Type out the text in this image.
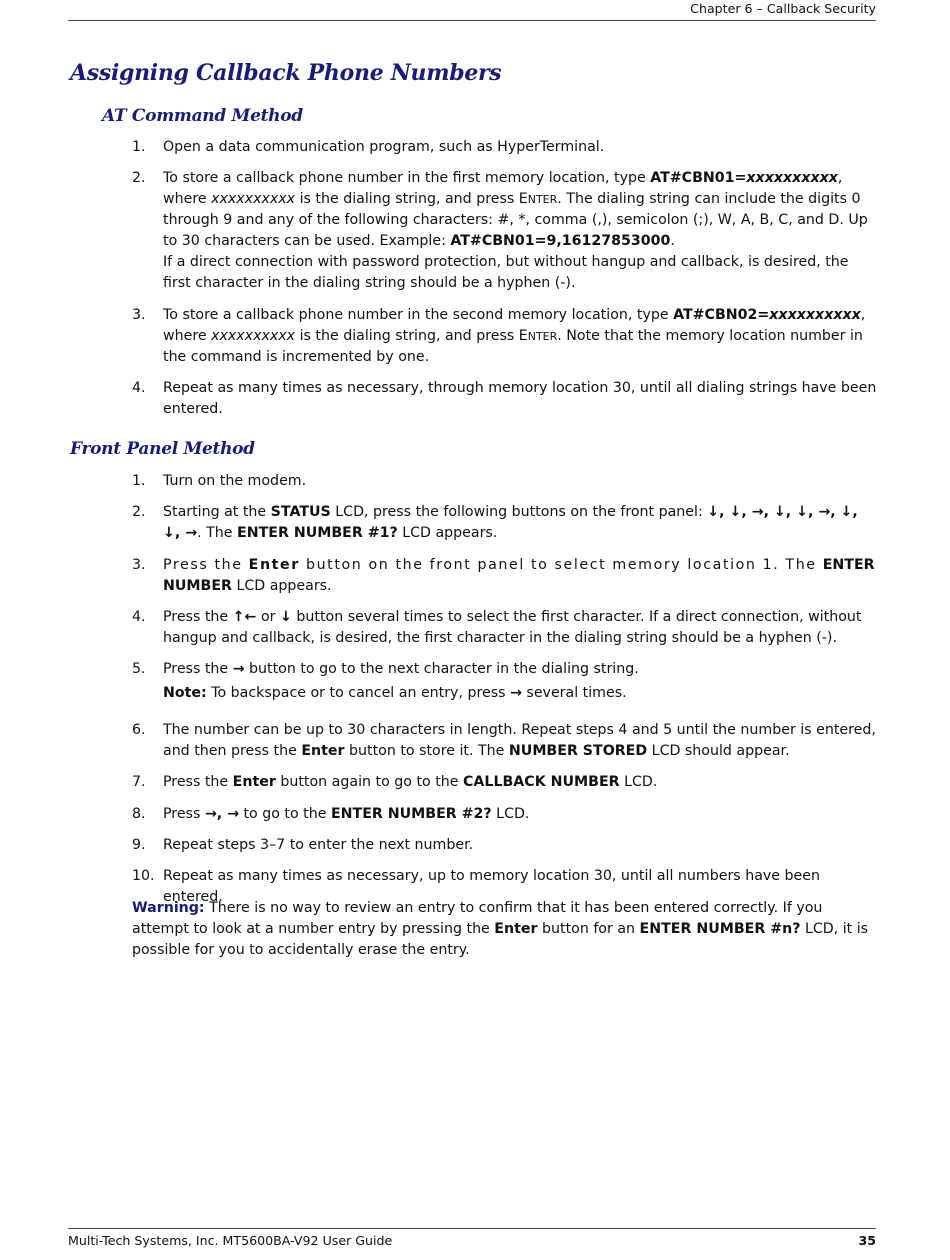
Chapter 6 – Callback Security
Assigning Callback Phone Numbers
AT Command Method
1. Open a data communication program, such as HyperTerminal.
2. To store a callback phone number in the first memory location, type AT#CBN01=xxxxxxxxxx, where xxxxxxxxxx is the dialing string, and press ENTER. The dialing string can include the digits 0 through 9 and any of the following characters: #, *, comma (,), semicolon (;), W, A, B, C, and D. Up to 30 characters can be used. Example: AT#CBN01=9,16127853000.
If a direct connection with password protection, but without hangup and callback, is desired, the first character in the dialing string should be a hyphen (-).
3. To store a callback phone number in the second memory location, type AT#CBN02=xxxxxxxxxx, where xxxxxxxxxx is the dialing string, and press ENTER. Note that the memory location number in the command is incremented by one.
4. Repeat as many times as necessary, through memory location 30, until all dialing strings have been entered.
Front Panel Method
1. Turn on the modem.
2. Starting at the STATUS LCD, press the following buttons on the front panel: ↓, ↓, →, ↓, ↓, →, ↓, ↓, →. The ENTER NUMBER #1? LCD appears.
3. Press the Enter button on the front panel to select memory location 1. The ENTER NUMBER LCD appears.
4. Press the ↑← or ↓ button several times to select the first character. If a direct connection, without hangup and callback, is desired, the first character in the dialing string should be a hyphen (-).
5. Press the → button to go to the next character in the dialing string.
Note: To backspace or to cancel an entry, press → several times.
6. The number can be up to 30 characters in length. Repeat steps 4 and 5 until the number is entered, and then press the Enter button to store it. The NUMBER STORED LCD should appear.
7. Press the Enter button again to go to the CALLBACK NUMBER LCD.
8. Press →, → to go to the ENTER NUMBER #2? LCD.
9. Repeat steps 3–7 to enter the next number.
10. Repeat as many times as necessary, up to memory location 30, until all numbers have been entered.
Warning: There is no way to review an entry to confirm that it has been entered correctly. If you attempt to look at a number entry by pressing the Enter button for an ENTER NUMBER #n? LCD, it is possible for you to accidentally erase the entry.
Multi-Tech Systems, Inc. MT5600BA-V92 User Guide	35
